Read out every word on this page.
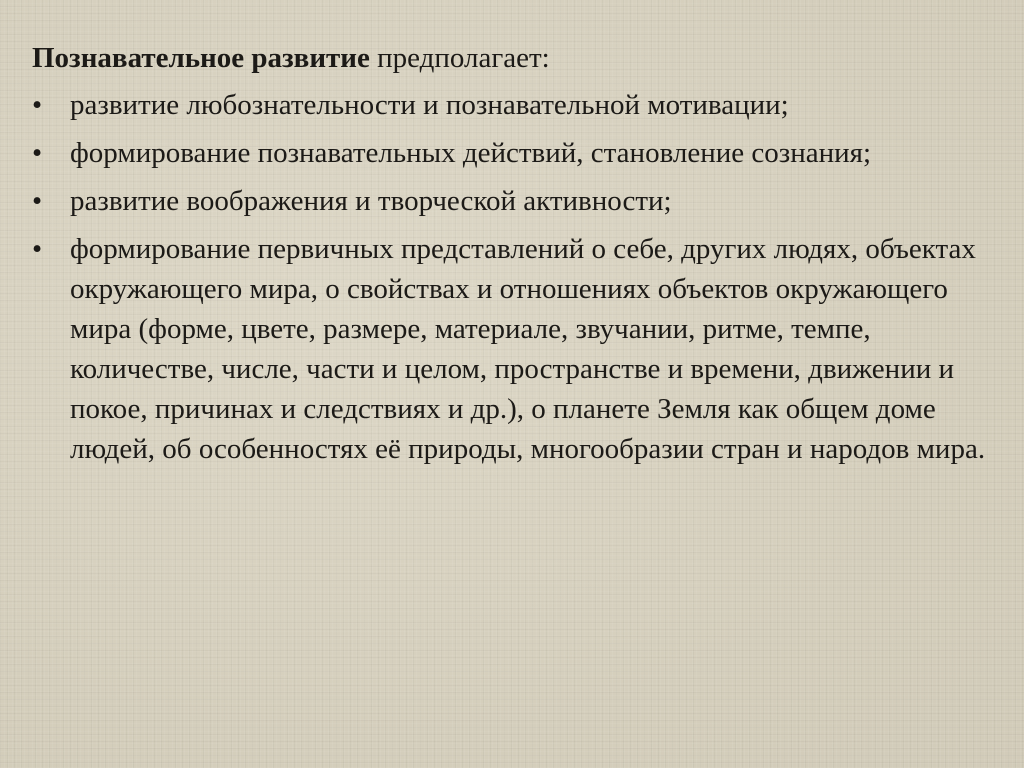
Познавательное развитие предполагает:

• развитие любознательности и познавательной мотивации;
• формирование познавательных действий, становление сознания;
• развитие воображения и творческой активности;
• формирование первичных представлений о себе, других людях, объектах окружающего мира, о свойствах и отношениях объектов окружающего мира (форме, цвете, размере, материале, звучании, ритме, темпе, количестве, числе, части и целом, пространстве и времени, движении и покое, причинах и следствиях и др.), о планете Земля как общем доме людей, об особенностях её природы, многообразии стран и народов мира.
